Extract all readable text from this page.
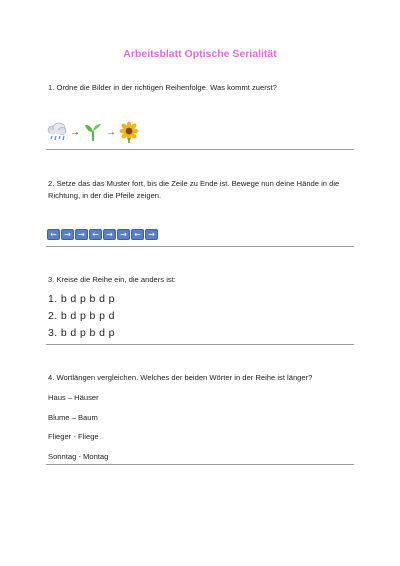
Arbeitsblatt Optische Serialität
1. Ordne die Bilder in der richtigen Reihenfolge. Was kommt zuerst?
→	→
2. Setze das das Muster fort, bis die Zeile zu Ende ist. Bewege nun deine Hände in die Richtung, in der die Pfeile zeigen.
← → → ← → → ← →
3. Kreise die Reihe ein, die anders ist:
1. b d p b d p
2. b d p b p d
3. b d p b d p
4. Wortlängen vergleichen. Welches der beiden Wörter in der Reihe ist länger?
Haus – Häuser
Blume – Baum
Flieger - Fliege
Sonntag - Montag
